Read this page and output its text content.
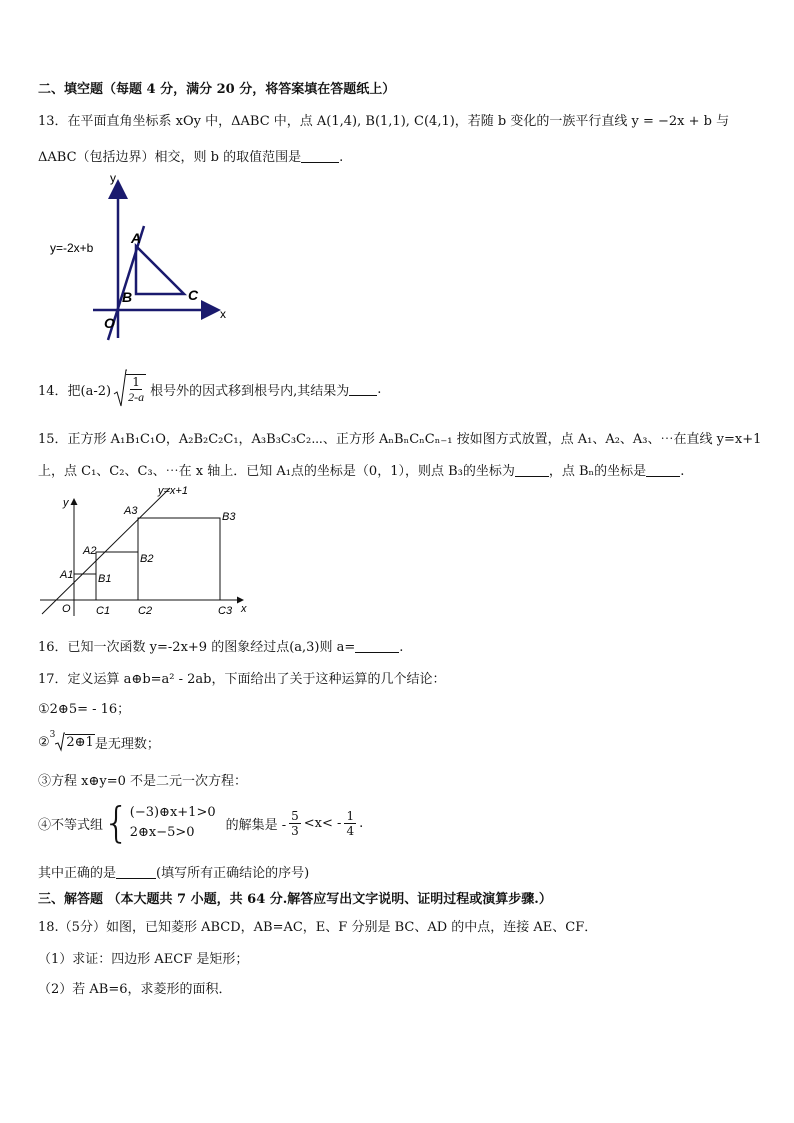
二、填空题（每题 4 分，满分 20 分，将答案填在答题纸上）
13．在平面直角坐标系 xOy 中，ΔABC 中，点 A(1,4), B(1,1), C(4,1)，若随 b 变化的一族平行直线 y = −2x + b 与
ΔABC（包括边界）相交，则 b 的取值范围是	.
y
x
y=-2x+b
A
B	C
O
14．把$(a-2) \frac{1}{2-a}$ 根号外的因式移到根号内,其结果为 .
15．正方形 A₁B₁C₁O，A₂B₂C₂C₁，A₃B₃C₃C₂⋯、正方形 AₙBₙCₙCₙ₋₁ 按如图方式放置，点 A₁、A₂、A₃、⋯在直线 y=x+1
上，点 C₁、C₂、C₃、⋯在 x 轴上．已知 A₁点的坐标是（0，1），则点 B₃的坐标为	，点 Bₙ的坐标是	.
y
x
y=x+1
O
A1
A2
A3
B1
B2
B3
C1	C2	C3
16．已知一次函数 y=-2x+9 的图象经过点(a,3)则 a=	.
17．定义运算 a⊕b=a² - 2ab，下面给出了关于这种运算的几个结论：
①2⊕5= - 16；
②$^3$ 2⊕1 是无理数；
③方程 x⊕y=0 不是二元一次方程：
④不等式组 { (−3)⊕x+1>0
2⊕x−5>0	的解集是 - $\frac{5}{3} <x< - \frac{1}{4}$ .
其中正确的是	(填写所有正确结论的序号)
三、解答题 （本大题共 7 小题，共 64 分.解答应写出文字说明、证明过程或演算步骤.）
18.（5分）如图，已知菱形 ABCD，AB=AC，E、F 分别是 BC、AD 的中点，连接 AE、CF．
（1）求证：四边形 AECF 是矩形；
（2）若 AB=6，求菱形的面积．
